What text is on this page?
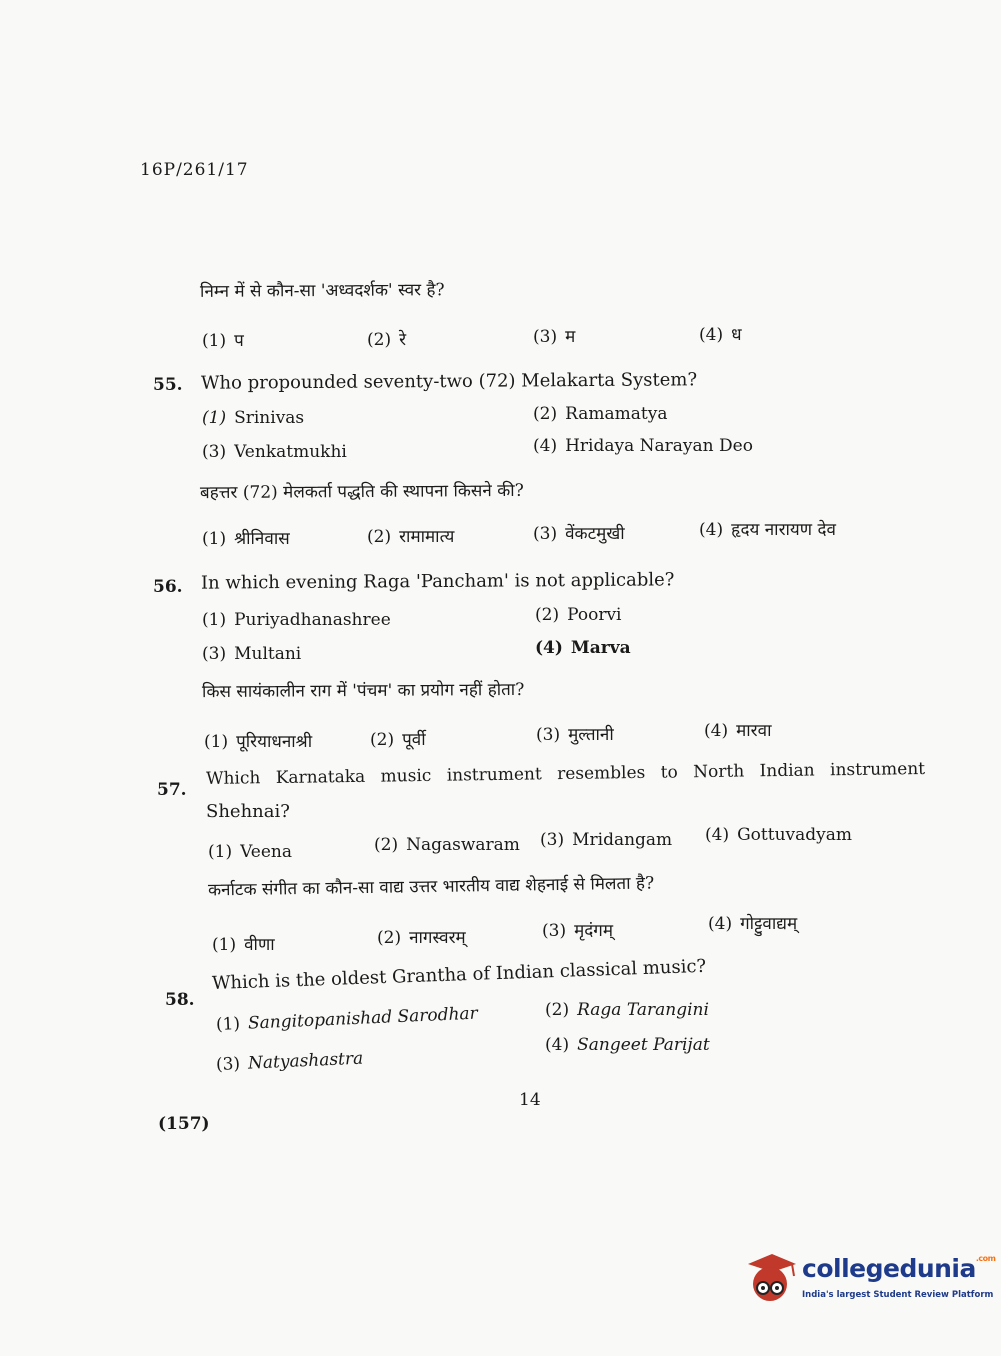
16P/261/17
निम्न में से कौन-सा 'अध्वदर्शक' स्वर है?
(1) प	(2) रे	(3) म	(4) ध
55. Who propounded seventy-two (72) Melakarta System?
(1) Srinivas	(2) Ramamatya
(3) Venkatmukhi	(4) Hridaya Narayan Deo
बहत्तर (72) मेलकर्ता पद्धति की स्थापना किसने की?
(1) श्रीनिवास	(2) रामामात्य	(3) वेंकटमुखी	(4) हृदय नारायण देव
56. In which evening Raga 'Pancham' is not applicable?
(1) Puriyadhanashree	(2) Poorvi
(3) Multani	(4) Marva
किस सायंकालीन राग में 'पंचम' का प्रयोग नहीं होता?
(1) पूरियाधनाश्री	(2) पूर्वी	(3) मुल्तानी	(4) मारवा
57.
Which Karnataka music instrument resembles to North Indian instrument
Shehnai?
(1) Veena	(2) Nagaswaram (3) Mridangam (4) Gottuvadyam
कर्नाटक संगीत का कौन-सा वाद्य उत्तर भारतीय वाद्य शेहनाई से मिलता है?
(1) वीणा	(2) नागस्वरम्	(3) मृदंगम्	(4) गोट्टुवाद्यम्
58.
Which is the oldest Grantha of Indian classical music?
(1) Sangitopanishad Sarodhar	(2) Raga Tarangini
(3) Natyashastra
(4) Sangeet Parijat
14
(157)
collegedunia$^{.com}$
India's largest Student Review Platform
